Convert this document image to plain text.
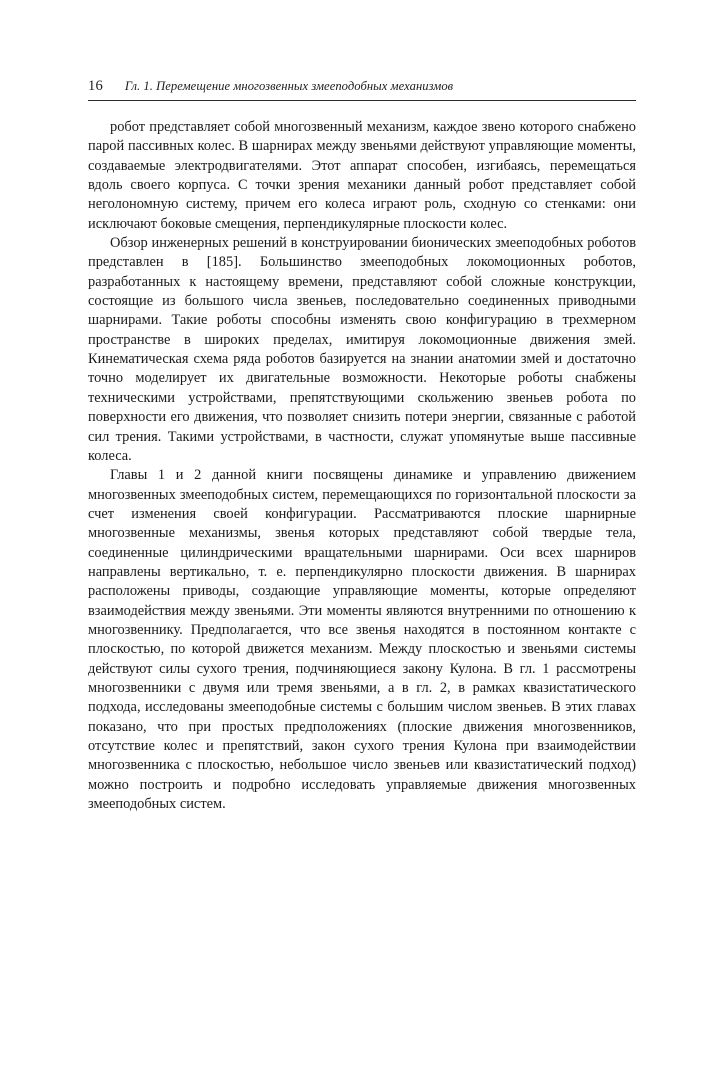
16 Гл. 1. Перемещение многозвенных змееподобных механизмов

робот представляет собой многозвенный механизм, каждое звено которого снабжено парой пассивных колес. В шарнирах между звеньями действуют управляющие моменты, создаваемые электродвигателями. Этот аппарат способен, изгибаясь, перемещаться вдоль своего корпуса. С точки зрения механики данный робот представляет собой неголономную систему, причем его колеса играют роль, сходную со стенками: они исключают боковые смещения, перпендикулярные плоскости колес.

Обзор инженерных решений в конструировании бионических змееподобных роботов представлен в [185]. Большинство змееподобных локомоционных роботов, разработанных к настоящему времени, представляют собой сложные конструкции, состоящие из большого числа звеньев, последовательно соединенных приводными шарнирами. Такие роботы способны изменять свою конфигурацию в трехмерном пространстве в широких пределах, имитируя локомоционные движения змей. Кинематическая схема ряда роботов базируется на знании анатомии змей и достаточно точно моделирует их двигательные возможности. Некоторые роботы снабжены техническими устройствами, препятствующими скольжению звеньев робота по поверхности его движения, что позволяет снизить потери энергии, связанные с работой сил трения. Такими устройствами, в частности, служат упомянутые выше пассивные колеса.

Главы 1 и 2 данной книги посвящены динамике и управлению движением многозвенных змееподобных систем, перемещающихся по горизонтальной плоскости за счет изменения своей конфигурации. Рассматриваются плоские шарнирные многозвенные механизмы, звенья которых представляют собой твердые тела, соединенные цилиндрическими вращательными шарнирами. Оси всех шарниров направлены вертикально, т. е. перпендикулярно плоскости движения. В шарнирах расположены приводы, создающие управляющие моменты, которые определяют взаимодействия между звеньями. Эти моменты являются внутренними по отношению к многозвеннику. Предполагается, что все звенья находятся в постоянном контакте с плоскостью, по которой движется механизм. Между плоскостью и звеньями системы действуют силы сухого трения, подчиняющиеся закону Кулона. В гл. 1 рассмотрены многозвенники с двумя или тремя звеньями, а в гл. 2, в рамках квазистатического подхода, исследованы змееподобные системы с большим числом звеньев. В этих главах показано, что при простых предположениях (плоские движения многозвенников, отсутствие колес и препятствий, закон сухого трения Кулона при взаимодействии многозвенника с плоскостью, небольшое число звеньев или квазистатический подход) можно построить и подробно исследовать управляемые движения многозвенных змееподобных систем.
